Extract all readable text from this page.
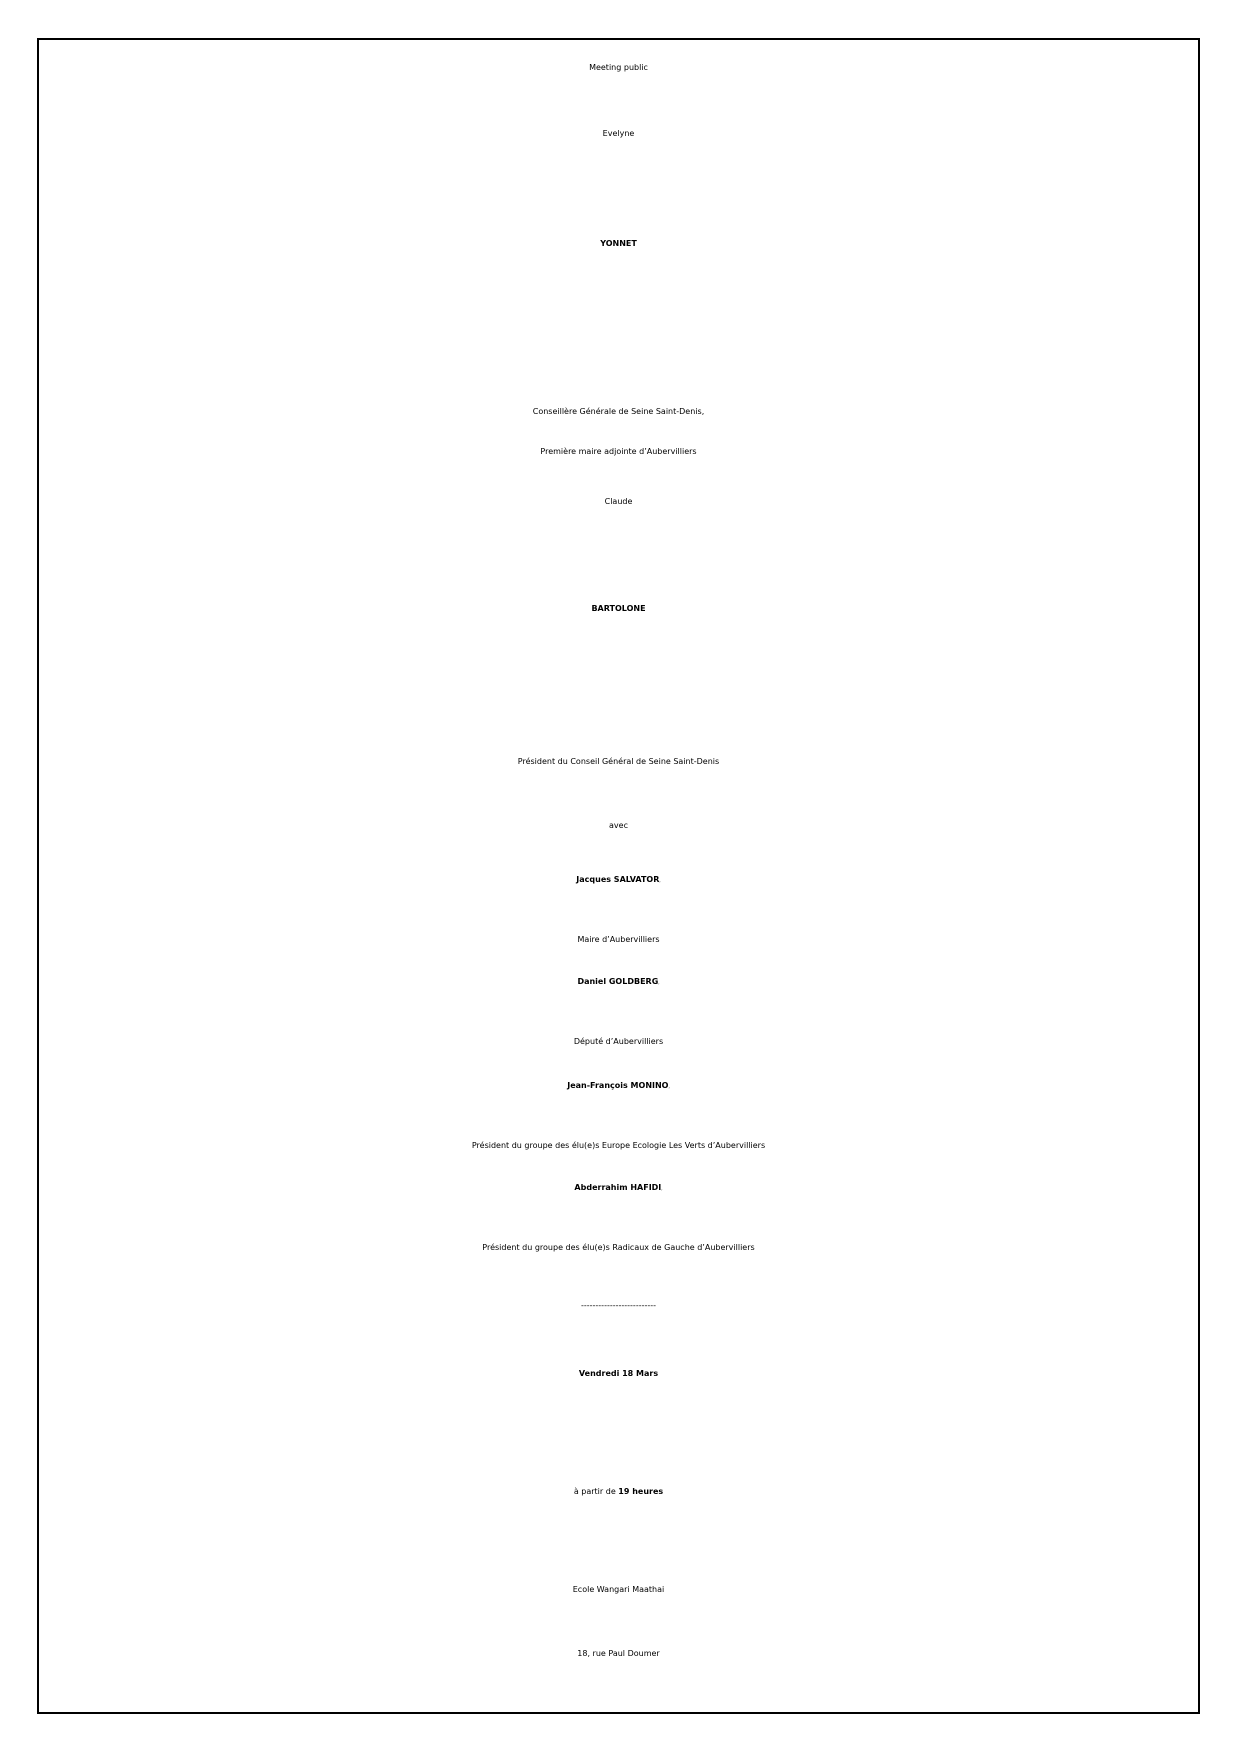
Meeting public
Evelyne
YONNET
Conseillère Générale de Seine Saint-Denis,
Première maire adjointe d’Aubervilliers
Claude
BARTOLONE
Président du Conseil Général de Seine Saint-Denis
avec
Jacques SALVATOR,
Maire d’Aubervilliers
Daniel GOLDBERG,
Député d’Aubervilliers
Jean-François MONINO,
Président du groupe des élu(e)s Europe Ecologie Les Verts d’Aubervilliers
Abderrahim HAFIDI,
Président du groupe des élu(e)s Radicaux de Gauche d’Aubervilliers
--------------------------
Vendredi 18 Mars
à partir de 19 heures
Ecole Wangari Maathai
18, rue Paul Doumer
